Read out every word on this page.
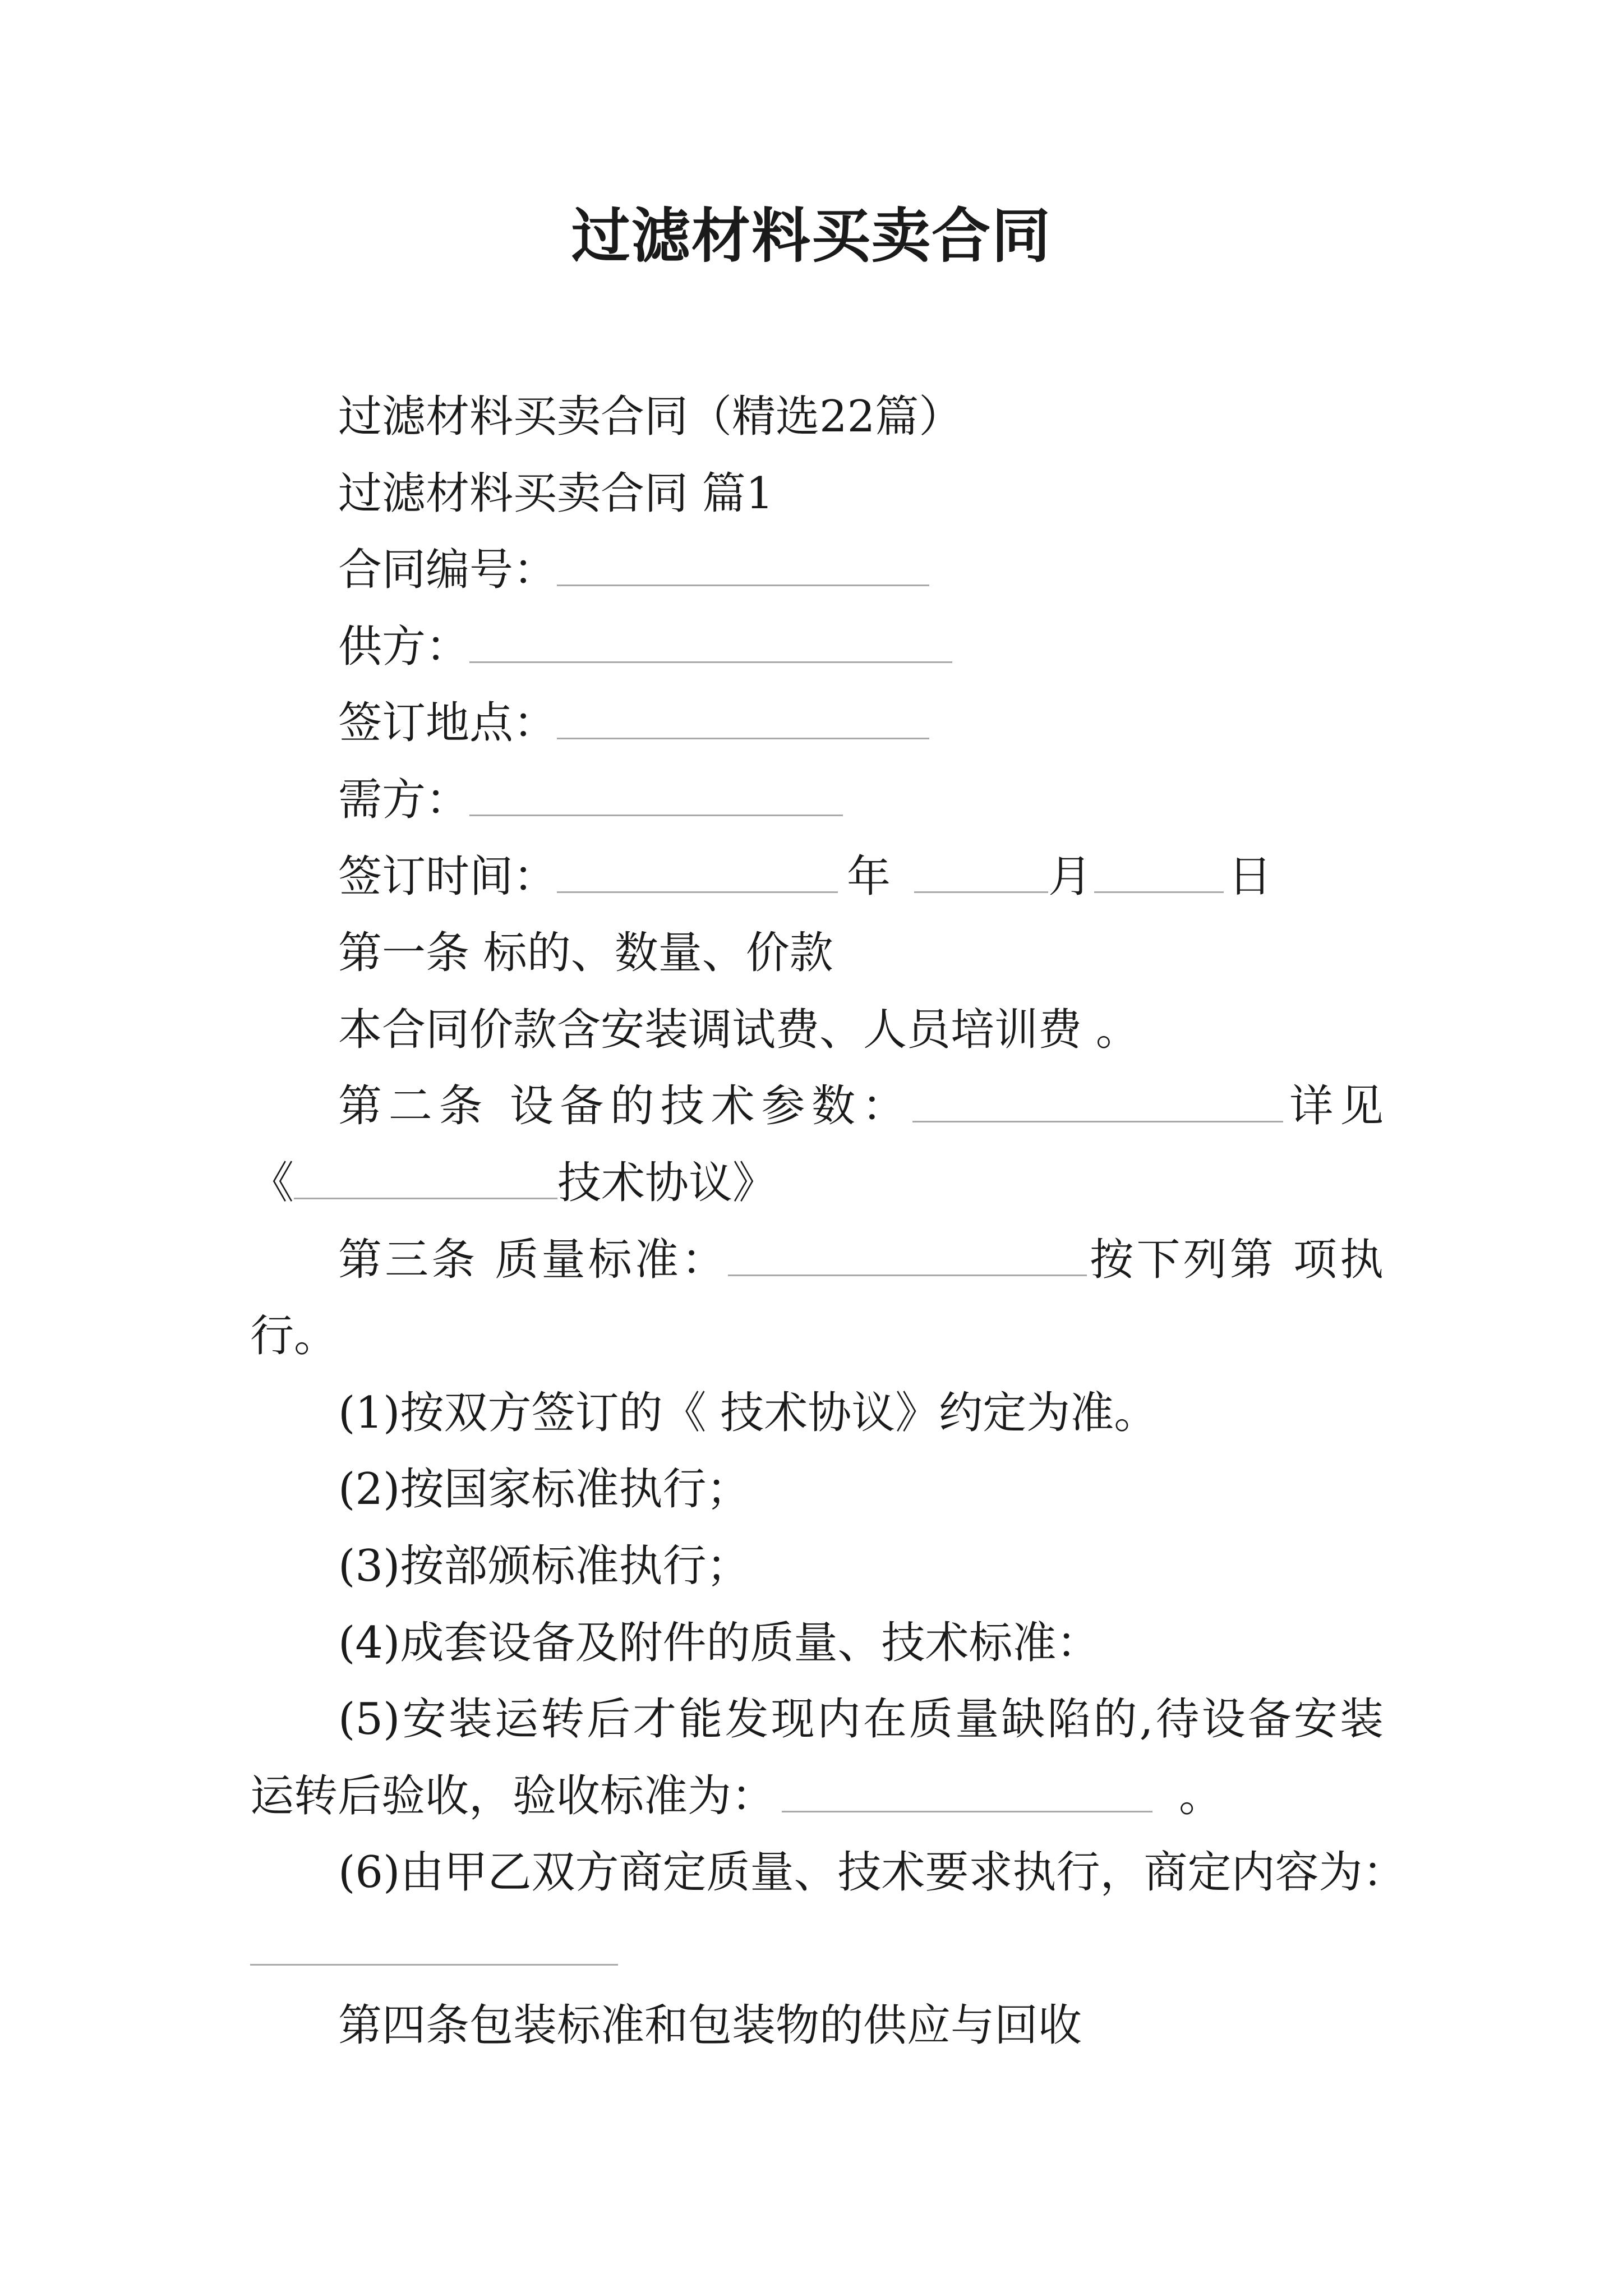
过滤材料买卖合同
过滤材料买卖合同（精选22篇）
过滤材料买卖合同 篇1
合同编号：
供方：
签订地点：
需方：
签订时间：	年	月	日
第一条 标的、数量、价款
本合同价款含安装调试费、人员培训费 。
第二条 设备的技术参数：	详见
《	技术协议》
第三条 质量标准：	按下列第 项执
行。
(1)按双方签订的《 技术协议》约定为准。
(2)按国家标准执行；
(3)按部颁标准执行；
(4)成套设备及附件的质量、技术标准：
(5)安装运转后才能发现内在质量缺陷的,待设备安装
运转后验收，验收标准为：	。
(6)由甲乙双方商定质量、技术要求执行，商定内容为：
第四条包装标准和包装物的供应与回收
